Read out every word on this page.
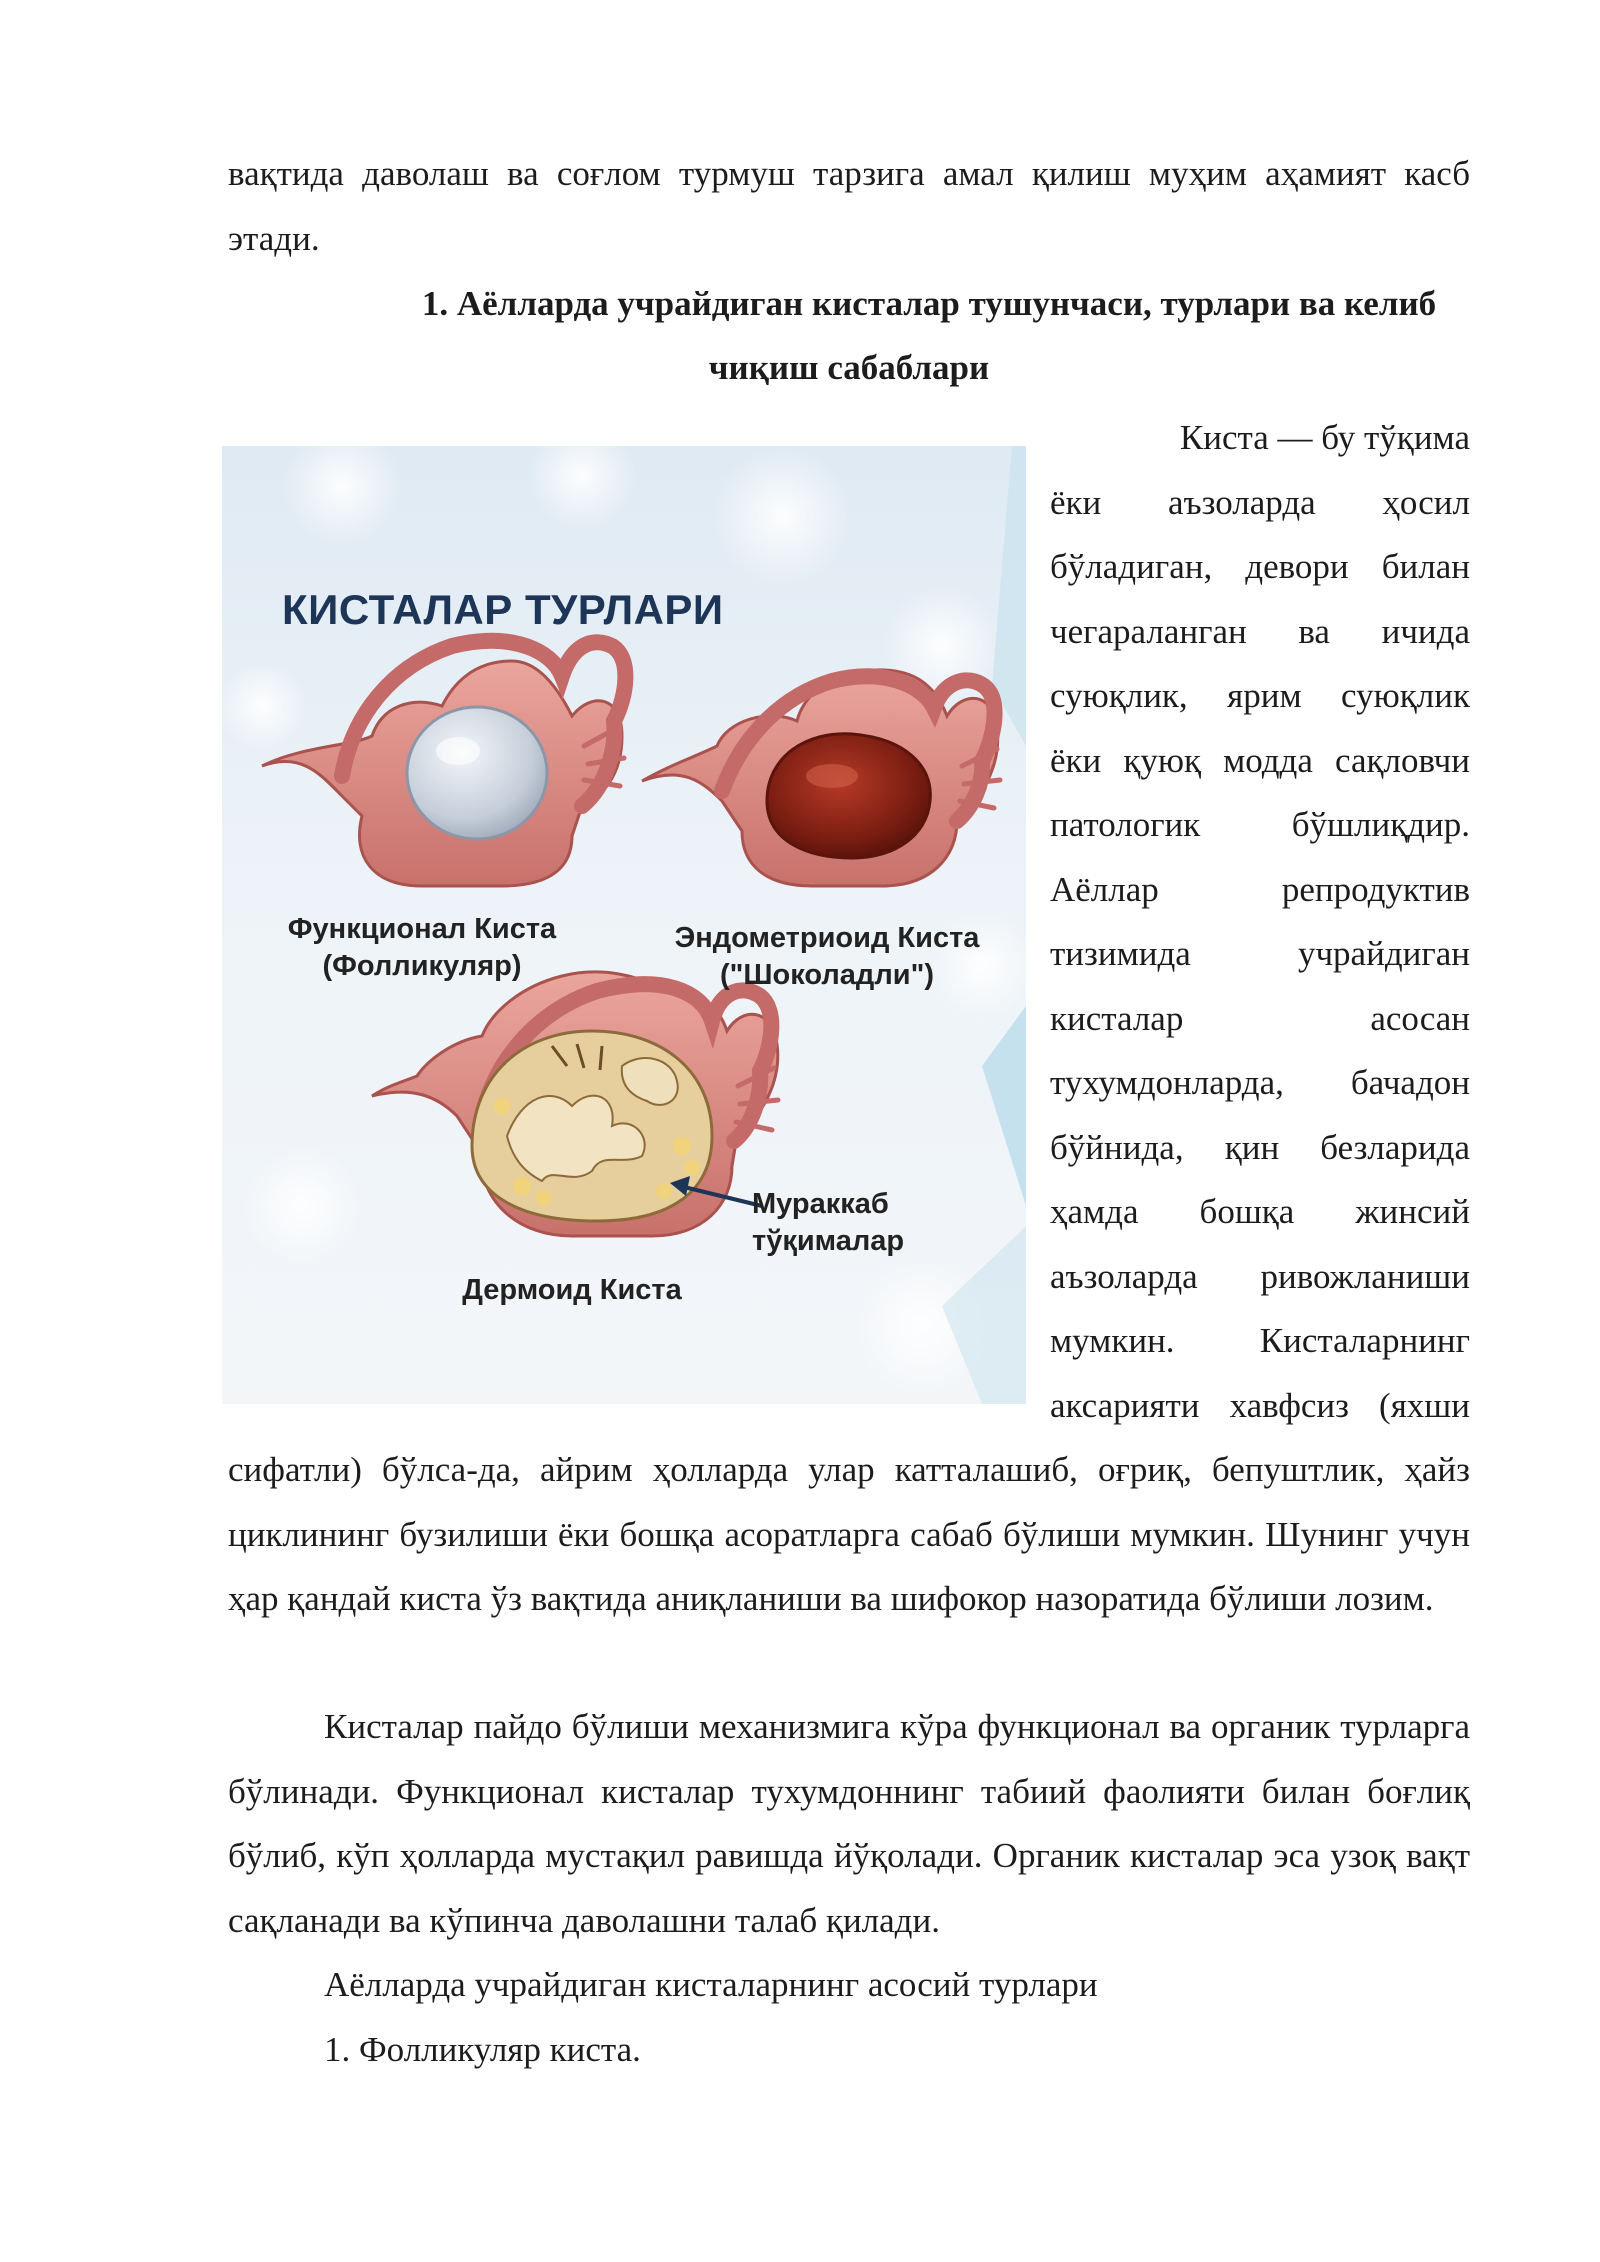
вақтида даволаш ва соғлом турмуш тарзига амал қилиш муҳим аҳамият касб этади.
1. Аёлларда учрайдиган кисталар тушунчаси, турлари ва келиб
чиқиш сабаблари
КИСТАЛАР ТУРЛАРИ
Функционал Киста
(Фолликуляр)
Эндометриоид Киста
("Шоколадли")
Мураккаб
тўқималар
Дермоид Киста
Киста — бу тўқима
ёки аъзоларда ҳосил
бўладиган, девори билан
чегараланган ва ичида
суюқлик, ярим суюқлик
ёки қуюқ модда сақловчи
патологик бўшлиқдир.
Аёллар репродуктив
тизимида учрайдиган
кисталар асосан
тухумдонларда, бачадон
бўйнида, қин безларида
ҳамда бошқа жинсий
аъзоларда ривожланиши
мумкин. Кисталарнинг
аксарияти хавфсиз (яхши
сифатли) бўлса-да, айрим ҳолларда улар катталашиб, оғриқ, бепуштлик, ҳайз циклининг бузилиши ёки бошқа асоратларга сабаб бўлиши мумкин. Шунинг учун ҳар қандай киста ўз вақтида аниқланиши ва шифокор назоратида бўлиши лозим.
Кисталар пайдо бўлиши механизмига кўра функционал ва органик турларга бўлинади. Функционал кисталар тухумдоннинг табиий фаолияти билан боғлиқ бўлиб, кўп ҳолларда мустақил равишда йўқолади. Органик кисталар эса узоқ вақт сақланади ва кўпинча даволашни талаб қилади.
Аёлларда учрайдиган кисталарнинг асосий турлари
1. Фолликуляр киста.
